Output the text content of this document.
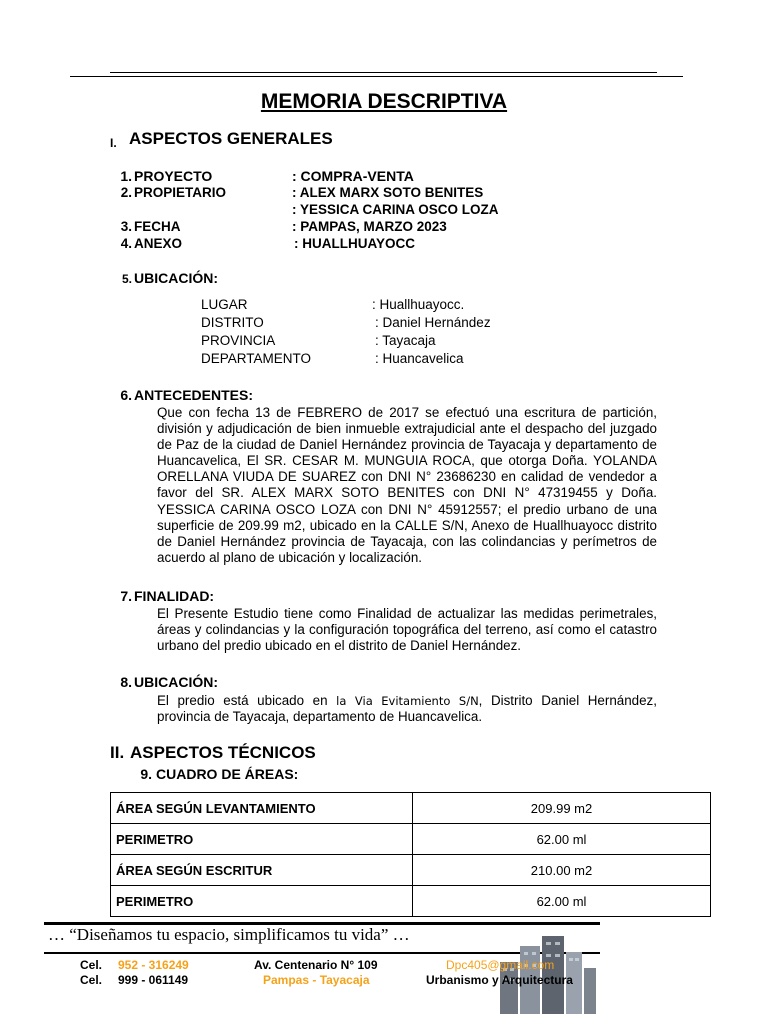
MEMORIA DESCRIPTIVA
I. ASPECTOS GENERALES
1. PROYECTO	: COMPRA-VENTA
2. PROPIETARIO	: ALEX MARX SOTO BENITES
: YESSICA CARINA OSCO LOZA
3. FECHA	: PAMPAS, MARZO 2023
4. ANEXO	: HUALLHUAYOCC
5. UBICACIÓN:
LUGAR	: Huallhuayocc.
DISTRITO	: Daniel Hernández
PROVINCIA	: Tayacaja
DEPARTAMENTO	: Huancavelica
6. ANTECEDENTES:
Que con fecha 13 de FEBRERO de 2017 se efectuó una escritura de partición, división y adjudicación de bien inmueble extrajudicial ante el despacho del juzgado de Paz de la ciudad de Daniel Hernández provincia de Tayacaja y departamento de Huancavelica, El SR. CESAR M. MUNGUIA ROCA, que otorga Doña. YOLANDA ORELLANA VIUDA DE SUAREZ con DNI N° 23686230 en calidad de vendedor a favor del SR. ALEX MARX SOTO BENITES con DNI N° 47319455 y Doña. YESSICA CARINA OSCO LOZA con DNI N° 45912557; el predio urbano de una superficie de 209.99 m2, ubicado en la CALLE S/N, Anexo de Huallhuayocc distrito de Daniel Hernández provincia de Tayacaja, con las colindancias y perímetros de acuerdo al plano de ubicación y localización.
7. FINALIDAD:
El Presente Estudio tiene como Finalidad de actualizar las medidas perimetrales, áreas y colindancias y la configuración topográfica del terreno, así como el catastro urbano del predio ubicado en el distrito de Daniel Hernández.
8. UBICACIÓN:
El predio está ubicado en la Via Evitamiento S/N, Distrito Daniel Hernández, provincia de Tayacaja, departamento de Huancavelica.
II. ASPECTOS TÉCNICOS
9. CUADRO DE ÁREAS:
ÁREA SEGÚN LEVANTAMIENTO	209.99 m2
PERIMETRO	62.00 ml
ÁREA SEGÚN ESCRITUR	210.00 m2
PERIMETRO	62.00 ml
… “Diseñamos tu espacio, simplificamos tu vida” …
Cel. 952 - 316249
Cel. 999 - 061149
Av. Centenario N° 109
Pampas - Tayacaja
Dpc405@gmail.com
Urbanismo y Arquitectura
